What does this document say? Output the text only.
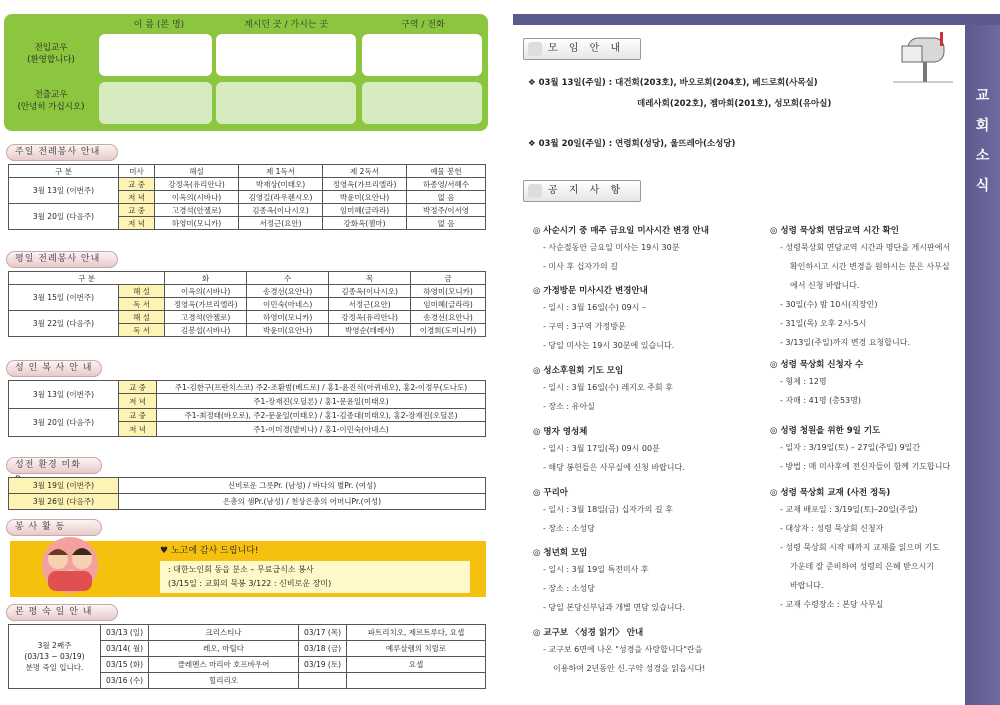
이 름 (본 명)	계시던 곳 / 가시는 곳	구역 / 전화
전입교우
(환영합니다)
전출교우
(안녕히 가십시오)
주일 전례봉사 안내
구 분	미사	해설	제 1독서	제 2독서	예물 봉헌
3월 13일 (이번주)	교 중	강정옥(유리안나)	박재상(미태오)	정영옥(가브리엘라)	하종영/서혜수
	저 녁	이옥의(시바나)	김영길(라우렌시오)	박윤미(요안나)	없 음
3월 20일 (다음주)	교 중	고경석(안젤로)	김종옥(이나시오)	임미혜(글라라)	박정주/이서영
	저 녁	하영미(모니카)	서정근(요안)	강화옥(젬마)	없 음
평일 전례봉사 안내
구 분		화	수	목	금
3월 15일 (이번주)	해 설	이옥의(시바나)	송경선(요안나)	김종옥(이나시오)	하영미(모니카)
	독 서	정영옥(가브리엘라)	이민숙(아네스)	서정근(요안)	임미혜(글라라)
3월 22일 (다음주)	해 설	고경석(안젤로)	하영미(모니카)	강정옥(유리안나)	송경선(요안나)
	독 서	김봉섭(시바나)	박윤미(요안나)	박영순(데레사)	이경희(도미니카)
성 인 복 사 안 내
3월 13일 (이번주)	교 중	주1-김한구(프란치스코) 주2-조환범(베드로) / 홍1-윤진식(아퀴네오), 홍2-이정무(도나도)
	저 녁	주1-장재진(오딜론) / 홍1-문윤일(미태오)
3월 20일 (다음주)	교 중	주1-최정태(바오로), 주2-문윤일(미태오) / 홍1-김종대(미태오), 홍2-장재진(오딜론)
	저 녁	주1-이미경(발비나) / 홍1-이민숙(아녜스)
성전 환경 미화
3월 19일 (이번주)	신비로운 그릇Pr. (남성) / 바다의 별Pr. (여성)
3월 26일 (다음주)	은총의 샘Pr.(남성) / 천상은총의 어머니Pr.(여성)
봉 사 활 동
♥ 노고에 감사 드립니다!
: 대한노인회 동읍 분소 – 무료급식소 봉사
(3/15일 : 교회의 묵봉 3/122 : 신비로운 장미)
본 평 숙 일 안 내
3월 2째주
(03/13 ~ 03/19)
분명 죽일 입니다.	03/13 (일)	크리스티나	03/17 (목)	파트리치오, 제르트루다, 요셉
	03/14( 월)	레오, 마틸다	03/18 (금)	예루살렘의 치릴로
	03/15 (화)	클레멘스 마리아 호프바우어	03/19 (토)	요셉
	03/16 (수)	힐리리오		
교
회
소
식
모 임 안 내
❖ 03월 13일(주일) : 대건회(203호), 바오로회(204호), 베드로회(사목실)
데레사회(202호), 젬마회(201호), 성모회(유아실)
❖ 03월 20일(주일) : 연령회(성당), 울뜨레아(소성당)
공 지 사 항
◎ 사순시기 중 매주 금요일 미사시간 변경 안내
- 사순절동안 금요일 미사는 19시 30분
- 미사 후 십자가의 길
◎ 가정방문 미사시간 변경안내
- 일시 : 3월 16일(수) 09시 –
- 구역 : 3구역 가정방문
- 당일 미사는 19시 30분에 있습니다.
◎ 성소후원회 기도 모임
- 일시 : 3월 16일(수) 레지오 주회 후
- 장소 : 유아실
◎ 명자 영성체
- 일시 : 3월 17일(목) 09시 00분
- 해당 봉헌들은 사무실에 신청 바랍니다.
◎ 꾸리아
- 일시 : 3월 18일(금) 십자가의 길 후
- 장소 : 소성당
◎ 청년회 모임
- 일시 : 3월 19일 특전미사 후
- 장소 : 소성당
- 당일 본당신부님과 개별 면담 있습니다.
◎ 교구보 〈성경 읽기〉 안내
- 교구보 6면에 나온 "성경을 사랑합니다"란을
이용하여 2년동안 신.구약 성경을 읽읍시다!
◎ 성령 묵상회 면담교역 시간 확인
- 성령묵상회 면담교역 시간과 명단을 게시판에서
확인하시고 시간 변경을 원하시는 분은 사무실
에서 신청 바랍니다.
- 30일(수) 밤 10시(직장인)
- 31일(목) 오후 2시-5시
- 3/13일(주일)까지 변경 요청합니다.
◎ 성령 묵상회 신청자 수
- 형제 : 12명
- 자매 : 41명 (총53명)
◎ 성령 청원을 위한 9일 기도
- 일자 : 3/19일(토) – 27일(주일) 9일간
- 방법 : 매 미사후에 전신자들이 함께 기도합니다
◎ 성령 묵상회 교재 (사전 정독)
- 교재 배포일 : 3/19일(토)–20일(주일)
- 대상자 : 성령 묵상회 신청자
- 성령 묵상회 시작 때까지 교재를 읽으며 기도
가운데 잘 준비하여 성령의 은혜 받으시기
바랍니다.
- 교재 수령장소 : 본당 사무실
